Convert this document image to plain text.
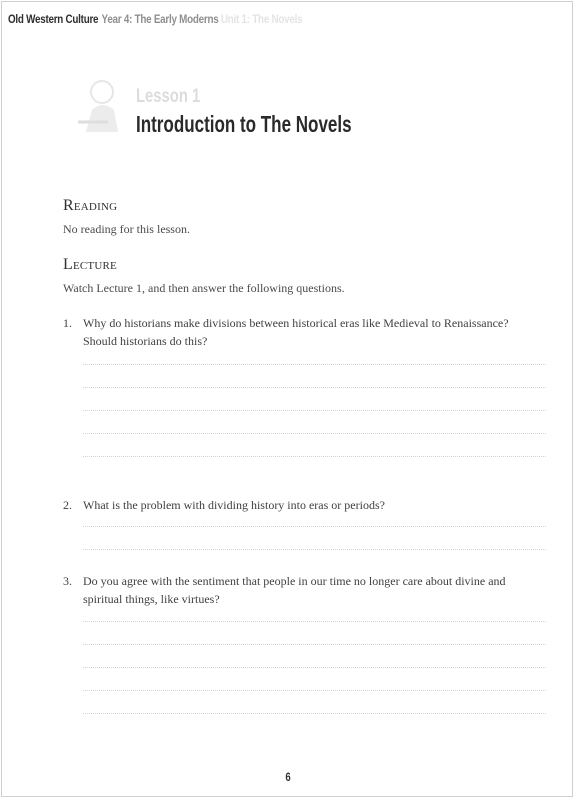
Old Western Culture Year 4: The Early Moderns Unit 1: The Novels
Lesson 1
Introduction to The Novels
Reading
No reading for this lesson.
Lecture
Watch Lecture 1, and then answer the following questions.
1. Why do historians make divisions between historical eras like Medieval to Renaissance? Should historians do this?
2. What is the problem with dividing history into eras or periods?
3. Do you agree with the sentiment that people in our time no longer care about divine and spiritual things, like virtues?
6
